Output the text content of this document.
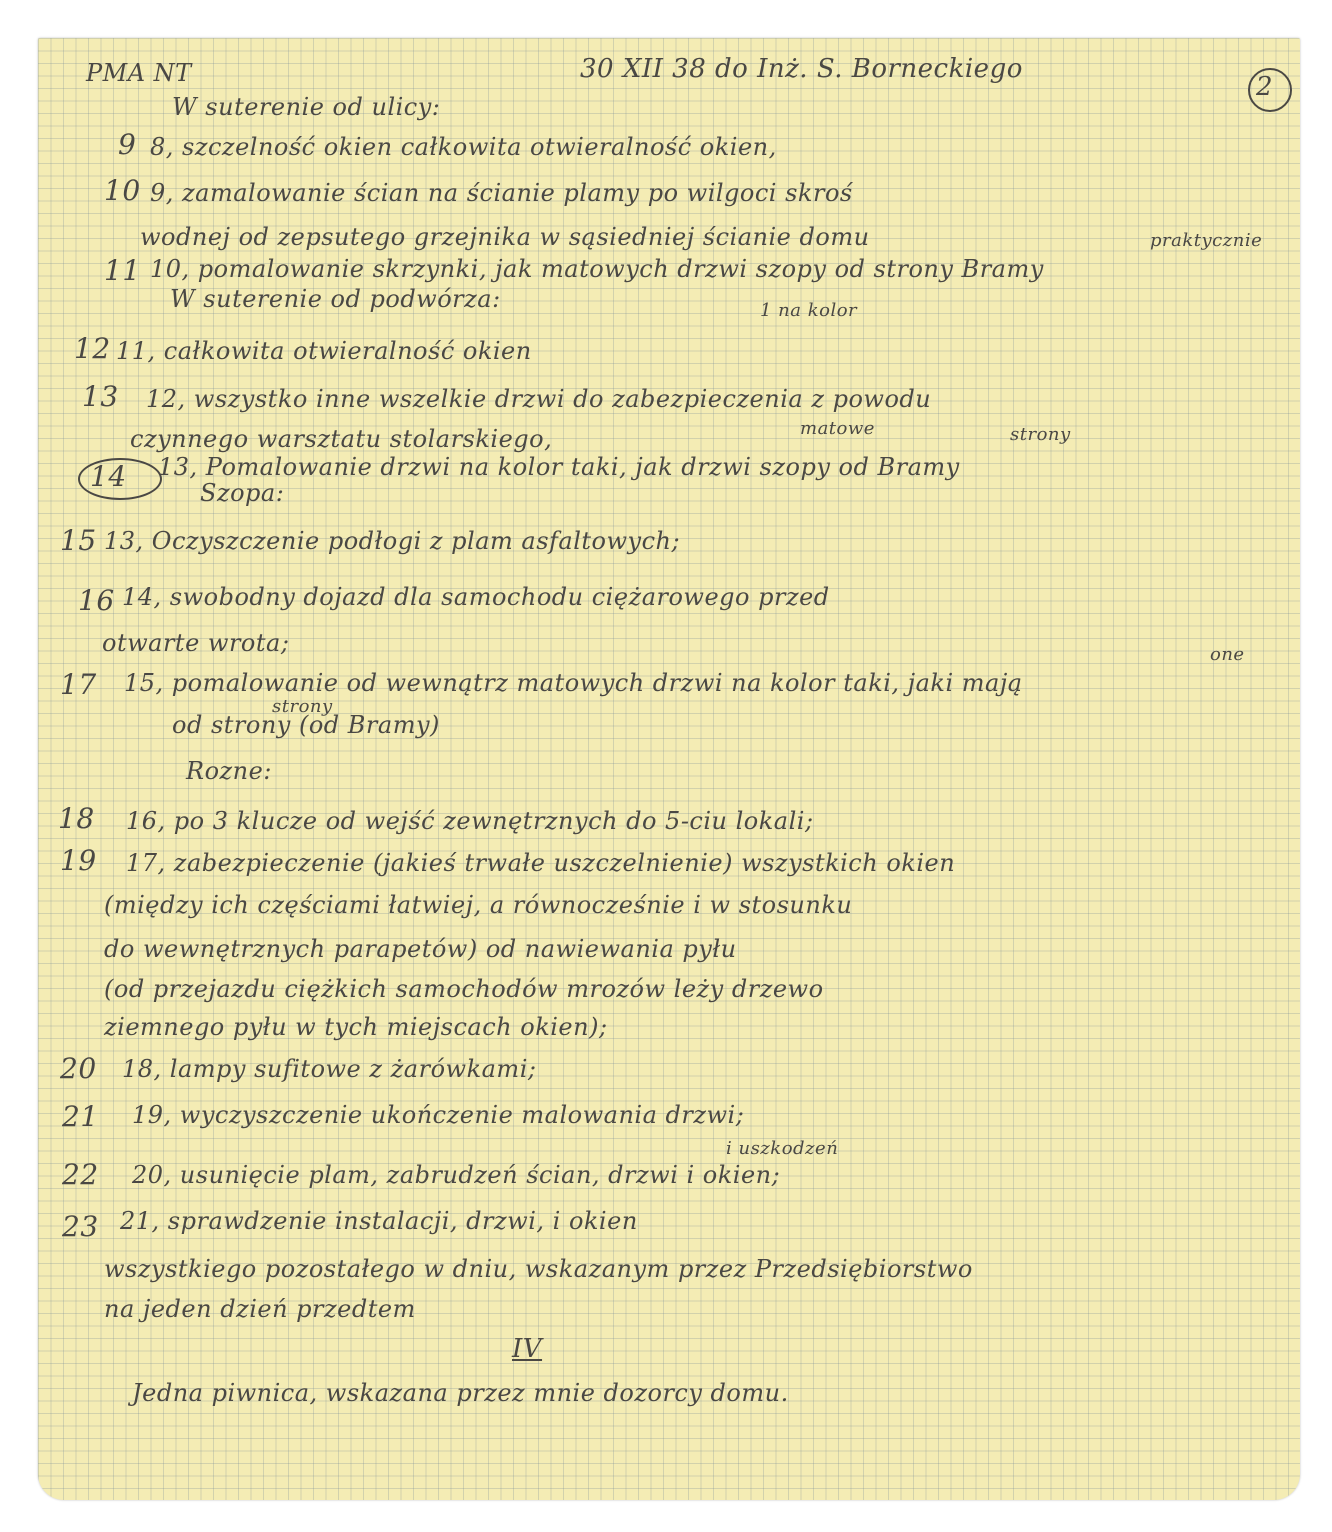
PMA NT	30 XII 38 do Inż. S. Borneckiego
2
W suterenie od ulicy:
9 8, szczelność okien całkowita otwieralność okien,
10 9, zamalowanie ścian na ścianie plamy po wilgoci skroś
wodnej od zepsutego grzejnika w sąsiedniej ścianie domu	praktycznie
11 10, pomalowanie skrzynki, jak matowych drzwi szopy od strony Bramy
W suterenie od podwórza:	1 na kolor
12 11, całkowita otwieralność okien
13 12, wszystko inne wszelkie drzwi do zabezpieczenia z powodu
matowe	strony
czynnego warsztatu stolarskiego,
14 13, Pomalowanie drzwi na kolor taki, jak drzwi szopy od Bramy
Szopa:
15 13, Oczyszczenie podłogi z plam asfaltowych;
16 14, swobodny dojazd dla samochodu ciężarowego przed
otwarte wrota;
17 15, pomalowanie od wewnątrz matowych drzwi na kolor taki, jaki mają
one
strony
od strony (od Bramy)
Rozne:
18 16, po 3 klucze od wejść zewnętrznych do 5-ciu lokali;
19 17, zabezpieczenie (jakieś trwałe uszczelnienie) wszystkich okien
(między ich częściami łatwiej, a równocześnie i w stosunku
do wewnętrznych parapetów) od nawiewania pyłu
(od przejazdu ciężkich samochodów mrozów leży drzewo
ziemnego pyłu w tych miejscach okien);
20 18, lampy sufitowe z żarówkami;
21 19, wyczyszczenie ukończenie malowania drzwi;
i uszkodzeń
22 20, usunięcie plam, zabrudzeń ścian, drzwi i okien;
23 21, sprawdzenie instalacji, drzwi, i okien
wszystkiego pozostałego w dniu, wskazanym przez Przedsiębiorstwo
na jeden dzień przedtem
IV
Jedna piwnica, wskazana przez mnie dozorcy domu.
